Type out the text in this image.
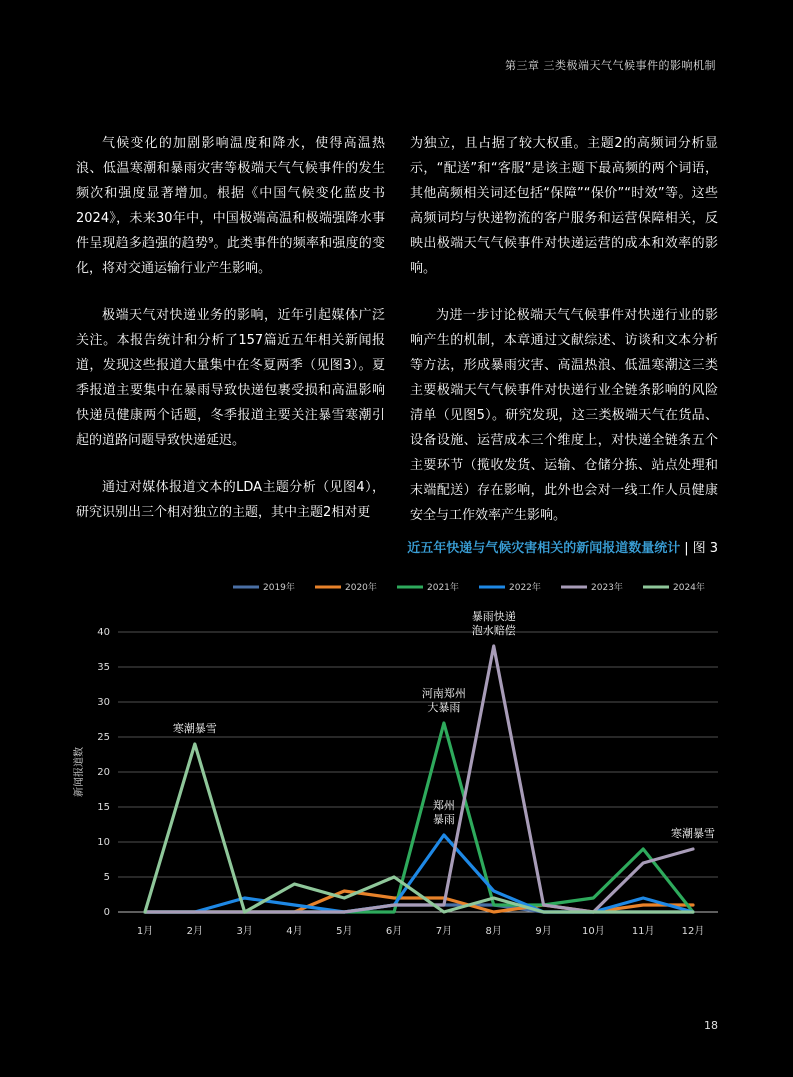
第三章 三类极端天气气候事件的影响机制

气候变化的加剧影响温度和降水，使得高温热浪、低温寒潮和暴雨灾害等极端天气气候事件的发生频次和强度显著增加。根据《中国气候变化蓝皮书2024》，未来30年中，中国极端高温和极端强降水事件呈现趋多趋强的趋势⁹。此类事件的频率和强度的变化，将对交通运输行业产生影响。

极端天气对快递业务的影响，近年引起媒体广泛关注。本报告统计和分析了157篇近五年相关新闻报道，发现这些报道大量集中在冬夏两季（见图3）。夏季报道主要集中在暴雨导致快递包裹受损和高温影响快递员健康两个话题，冬季报道主要关注暴雪寒潮引起的道路问题导致快递延迟。

通过对媒体报道文本的LDA主题分析（见图4），研究识别出三个相对独立的主题，其中主题2相对更

为独立，且占据了较大权重。主题2的高频词分析显示，“配送”和“客服”是该主题下最高频的两个词语，其他高频相关词还包括“保障”“保价”“时效”等。这些高频词均与快递物流的客户服务和运营保障相关，反映出极端天气气候事件对快递运营的成本和效率的影响。

为进一步讨论极端天气气候事件对快递行业的影响产生的机制，本章通过文献综述、访谈和文本分析等方法，形成暴雨灾害、高温热浪、低温寒潮这三类主要极端天气气候事件对快递行业全链条影响的风险清单（见图5）。研究发现，这三类极端天气在货品、设备设施、运营成本三个维度上，对快递全链条五个主要环节（揽收发货、运输、仓储分拣、站点处理和末端配送）存在影响，此外也会对一线工作人员健康安全与工作效率产生影响。

近五年快递与气候灾害相关的新闻报道数量统计 | 图 3
2019年	2020年	2021年	2022年	2023年	2024年
0
5
10
15
20
25
30
35
40
1月	2月	3月	4月	5月	6月	7月	8月	9月	10月	11月	12月
新闻报道数
寒潮暴雪
暴雨快递
泡水赔偿
河南郑州
大暴雨
郑州
暴雨
寒潮暴雪
18
